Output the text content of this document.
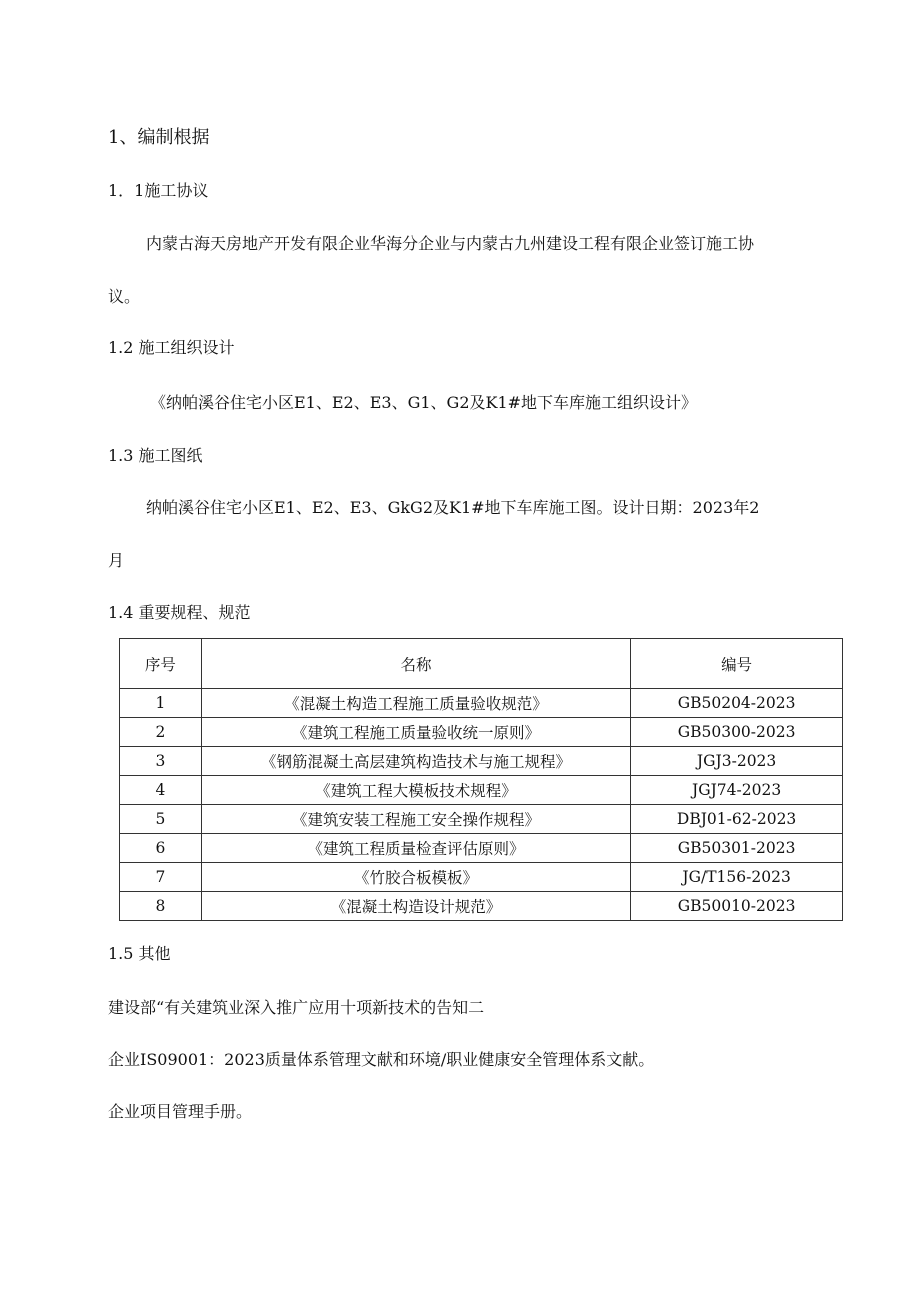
1、编制根据
1．1施工协议
内蒙古海天房地产开发有限企业华海分企业与内蒙古九州建设工程有限企业签订施工协
议。
1.2 施工组织设计
《纳帕溪谷住宅小区E1、E2、E3、G1、G2及K1#地下车库施工组织设计》
1.3 施工图纸
纳帕溪谷住宅小区E1、E2、E3、GkG2及K1#地下车库施工图。设计日期：2023年2
月
1.4 重要规程、规范
序号	名称	编号
1	《混凝土构造工程施工质量验收规范》	GB50204-2023
2	《建筑工程施工质量验收统一原则》	GB50300-2023
3	《钢筋混凝土高层建筑构造技术与施工规程》	JGJ3-2023
4	《建筑工程大模板技术规程》	JGJ74-2023
5	《建筑安装工程施工安全操作规程》	DBJ01-62-2023
6	《建筑工程质量检查评估原则》	GB50301-2023
7	《竹胶合板模板》	JG/T156-2023
8	《混凝土构造设计规范》	GB50010-2023
1.5 其他
建设部“有关建筑业深入推广应用十项新技术的告知二
企业IS09001：2023质量体系管理文献和环境/职业健康安全管理体系文献。
企业项目管理手册。
